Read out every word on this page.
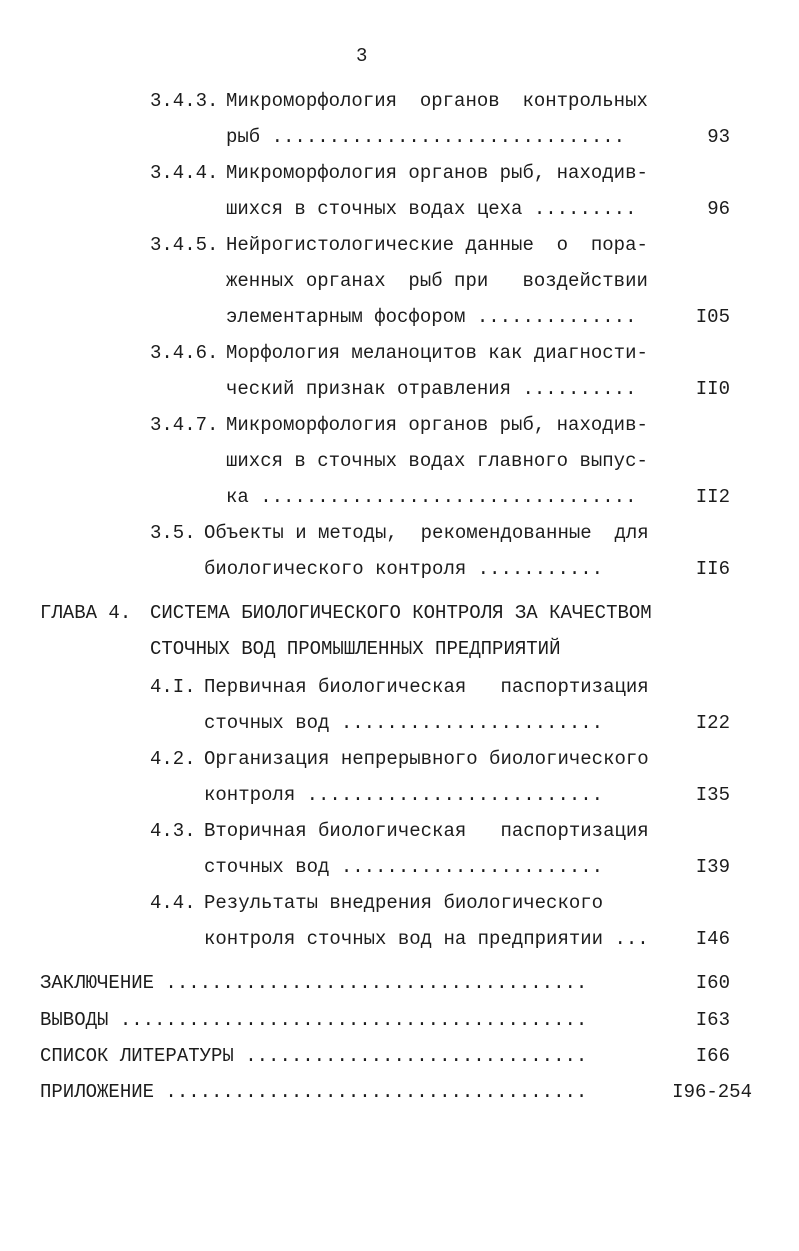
3
3.4.3. Микроморфология  органов  контрольных
рыб ...............................	93
3.4.4. Микроморфология органов рыб, находив-
шихся в сточных водах цеха .........	96
3.4.5. Нейрогистологические данные  о  пора-
женных органах  рыб при   воздействии
элементарным фосфором ..............	I05
3.4.6. Морфология меланоцитов как диагности-
ческий признак отравления ..........	II0
3.4.7. Микроморфология органов рыб, находив-
шихся в сточных водах главного выпус-
ка .................................	II2
3.5. Объекты и методы,  рекомендованные  для
биологического контроля ...........	II6
ГЛАВА 4. СИСТЕМА БИОЛОГИЧЕСКОГО КОНТРОЛЯ ЗА КАЧЕСТВОМ
СТОЧНЫХ ВОД ПРОМЫШЛЕННЫХ ПРЕДПРИЯТИЙ
4.I. Первичная биологическая   паспортизация
сточных вод .......................	I22
4.2. Организация непрерывного биологического
контроля ..........................	I35
4.3. Вторичная биологическая   паспортизация
сточных вод .......................	I39
4.4. Результаты внедрения биологического
контроля сточных вод на предприятии ...	I46
ЗАКЛЮЧЕНИЕ .....................................	I60
ВЫВОДЫ .........................................	I63
СПИСОК ЛИТЕРАТУРЫ ..............................	I66
ПРИЛОЖЕНИЕ .....................................	I96-254
